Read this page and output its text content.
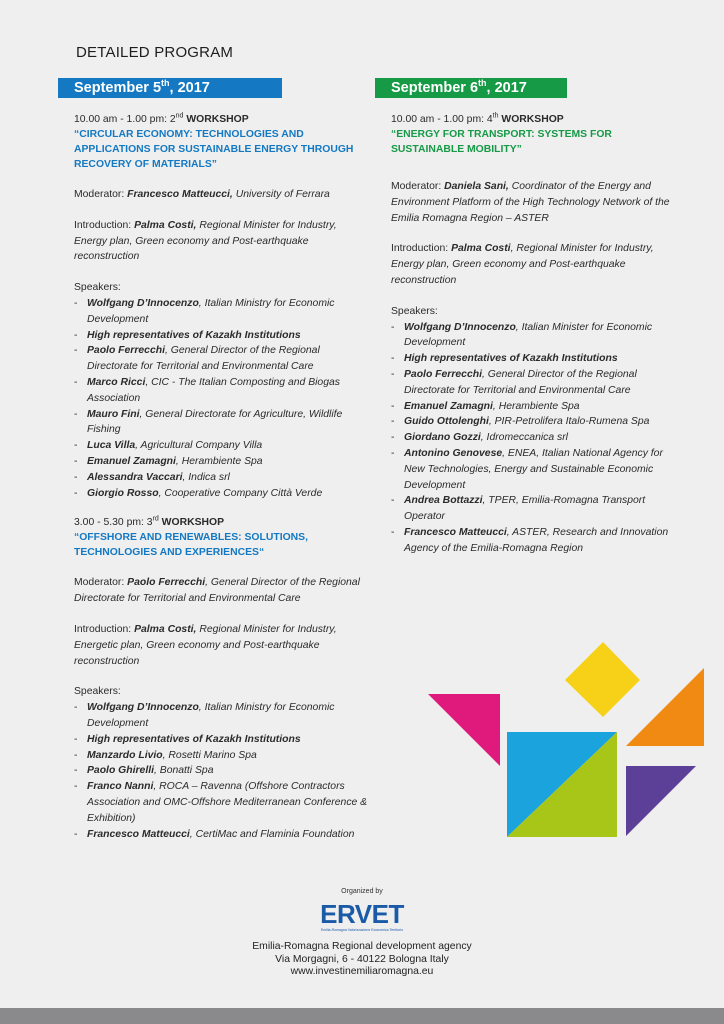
DETAILED PROGRAM
September 5th, 2017
10.00 am - 1.00 pm: 2nd WORKSHOP
“CIRCULAR ECONOMY: TECHNOLOGIES AND APPLICATIONS FOR SUSTAINABLE ENERGY THROUGH RECOVERY OF MATERIALS”
Moderator: Francesco Matteucci, University of Ferrara
Introduction: Palma Costi, Regional Minister for Industry, Energy plan, Green economy and Post-earthquake reconstruction
Speakers:
- Wolfgang D’Innocenzo, Italian Ministry for Economic Development
- High representatives of Kazakh Institutions
- Paolo Ferrecchi, General Director of the Regional Directorate for Territorial and Environmental Care
- Marco Ricci, CIC - The Italian Composting and Biogas Association
- Mauro Fini, General Directorate for Agriculture, Wildlife Fishing
- Luca Villa, Agricultural Company Villa
- Emanuel Zamagni, Herambiente Spa
- Alessandra Vaccari, Indica srl
- Giorgio Rosso, Cooperative Company Città Verde
3.00 - 5.30 pm: 3rd WORKSHOP
“OFFSHORE AND RENEWABLES: SOLUTIONS, TECHNOLOGIES AND EXPERIENCES“
Moderator: Paolo Ferrecchi, General Director of the Regional Directorate for Territorial and Environmental Care
Introduction: Palma Costi, Regional Minister for Industry, Energetic plan, Green economy and Post-earthquake reconstruction
Speakers:
- Wolfgang D’Innocenzo, Italian Ministry for Economic Development
- High representatives of Kazakh Institutions
- Manzardo Livio, Rosetti Marino Spa
- Paolo Ghirelli, Bonatti Spa
- Franco Nanni, ROCA – Ravenna (Offshore Contractors Association and OMC-Offshore Mediterranean Conference & Exhibition)
- Francesco Matteucci, CertiMac and Flaminia Foundation
September 6th, 2017
10.00 am - 1.00 pm: 4th WORKSHOP
“ENERGY FOR TRANSPORT: SYSTEMS FOR SUSTAINABLE MOBILITY”
Moderator: Daniela Sani, Coordinator of the Energy and Environment Platform of the High Technology Network of the Emilia Romagna Region – ASTER
Introduction: Palma Costi, Regional Minister for Industry, Energy plan, Green economy and Post-earthquake reconstruction
Speakers:
- Wolfgang D’Innocenzo, Italian Minister for Economic Development
- High representatives of Kazakh Institutions
- Paolo Ferrecchi, General Director of the Regional Directorate for Territorial and Environmental Care
- Emanuel Zamagni, Herambiente Spa
- Guido Ottolenghi, PIR-Petrolifera Italo-Rumena Spa
- Giordano Gozzi, Idromeccanica srl
- Antonino Genovese, ENEA, Italian National Agency for New Technologies, Energy and Sustainable Economic Development
- Andrea Bottazzi, TPER, Emilia-Romagna Transport Operator
- Francesco Matteucci, ASTER, Research and Innovation Agency of the Emilia-Romagna Region
Organized by
ERVET
Emilia-Romagna Valorizzazione Economica Territorio
Emilia-Romagna Regional development agency
Via Morgagni, 6 - 40122 Bologna Italy
www.investinemiliaromagna.eu
